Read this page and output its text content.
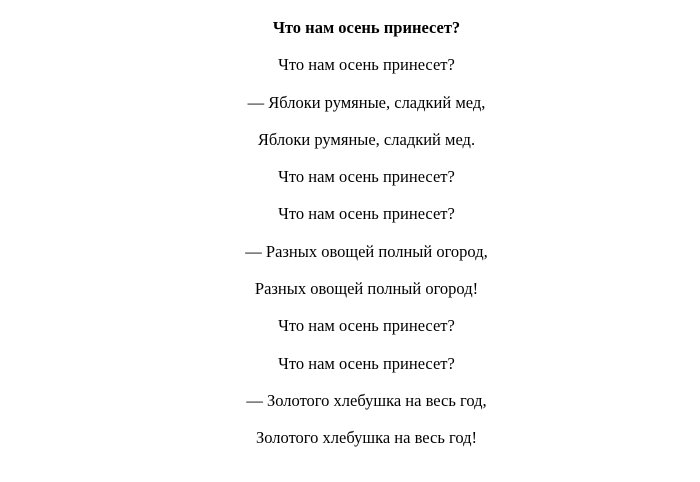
Что нам осень принесет?
Что нам осень принесет?
— Яблоки румяные, сладкий мед,
Яблоки румяные, сладкий мед.
Что нам осень принесет?
Что нам осень принесет?
— Разных овощей полный огород,
Разных овощей полный огород!
Что нам осень принесет?
Что нам осень принесет?
— Золотого хлебушка на весь год,
Золотого хлебушка на весь год!
